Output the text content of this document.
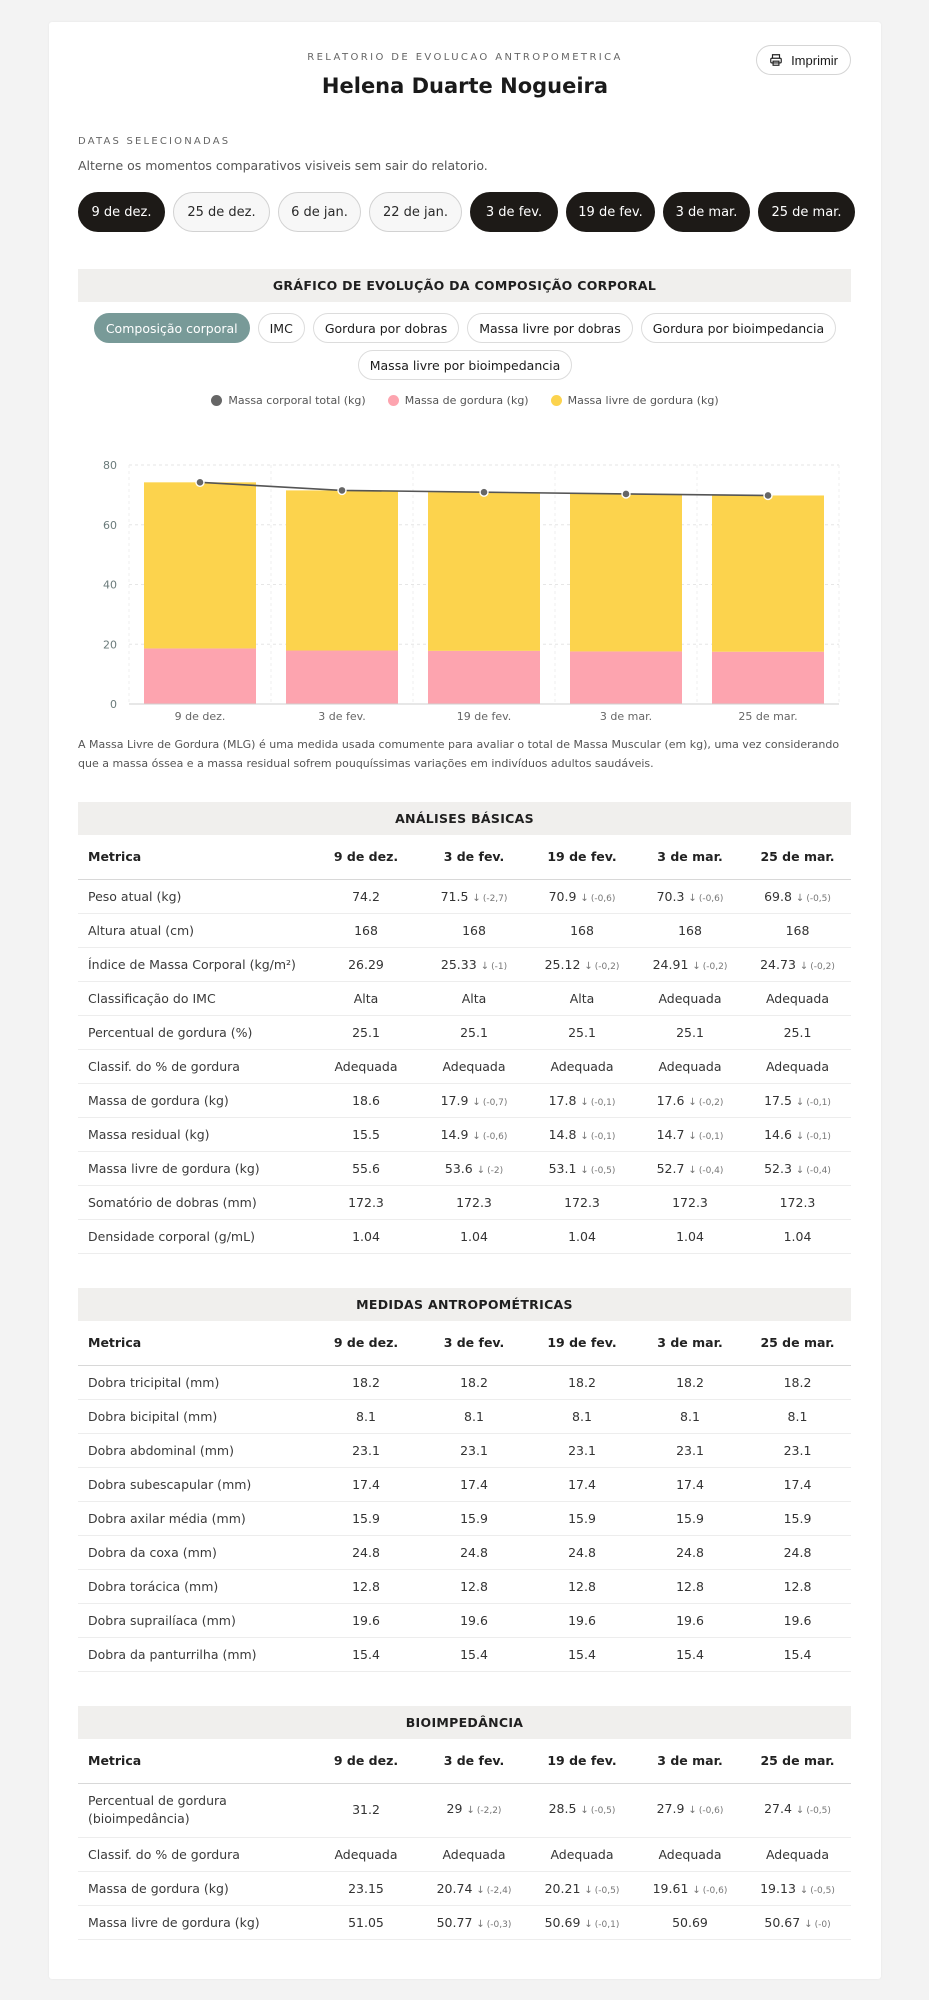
Imprimir
RELATORIO DE EVOLUCAO ANTROPOMETRICA
Helena Duarte Nogueira
DATAS SELECIONADAS
Alterne os momentos comparativos visiveis sem sair do relatorio.
9 de dez.	25 de dez.	6 de jan.	22 de jan.	3 de fev.	19 de fev.	3 de mar.	25 de mar.
GRÁFICO DE EVOLUÇÃO DA COMPOSIÇÃO CORPORAL
Composição corporal	IMC	Gordura por dobras	Massa livre por dobras	Gordura por bioimpedancia
Massa livre por bioimpedancia
Massa corporal total (kg)	Massa de gordura (kg)	Massa livre de gordura (kg)
0
20
40
60
80
9 de dez.	3 de fev.	19 de fev.	3 de mar.	25 de mar.
A Massa Livre de Gordura (MLG) é uma medida usada comumente para avaliar o total de Massa Muscular (em kg), uma vez considerando que a massa óssea e a massa residual sofrem pouquíssimas variações em indivíduos adultos saudáveis.
ANÁLISES BÁSICAS
Metrica	9 de dez.	3 de fev.	19 de fev.	3 de mar.	25 de mar.
Peso atual (kg)	74.2	71.5 ↓ (-2,7)	70.9 ↓ (-0,6)	70.3 ↓ (-0,6)	69.8 ↓ (-0,5)
Altura atual (cm)	168	168	168	168	168
Índice de Massa Corporal (kg/m²)	26.29	25.33 ↓ (-1)	25.12 ↓ (-0,2)	24.91 ↓ (-0,2)	24.73 ↓ (-0,2)
Classificação do IMC	Alta	Alta	Alta	Adequada	Adequada
Percentual de gordura (%)	25.1	25.1	25.1	25.1	25.1
Classif. do % de gordura	Adequada	Adequada	Adequada	Adequada	Adequada
Massa de gordura (kg)	18.6	17.9 ↓ (-0,7)	17.8 ↓ (-0,1)	17.6 ↓ (-0,2)	17.5 ↓ (-0,1)
Massa residual (kg)	15.5	14.9 ↓ (-0,6)	14.8 ↓ (-0,1)	14.7 ↓ (-0,1)	14.6 ↓ (-0,1)
Massa livre de gordura (kg)	55.6	53.6 ↓ (-2)	53.1 ↓ (-0,5)	52.7 ↓ (-0,4)	52.3 ↓ (-0,4)
Somatório de dobras (mm)	172.3	172.3	172.3	172.3	172.3
Densidade corporal (g/mL)	1.04	1.04	1.04	1.04	1.04
MEDIDAS ANTROPOMÉTRICAS
Metrica	9 de dez.	3 de fev.	19 de fev.	3 de mar.	25 de mar.
Dobra tricipital (mm)	18.2	18.2	18.2	18.2	18.2
Dobra bicipital (mm)	8.1	8.1	8.1	8.1	8.1
Dobra abdominal (mm)	23.1	23.1	23.1	23.1	23.1
Dobra subescapular (mm)	17.4	17.4	17.4	17.4	17.4
Dobra axilar média (mm)	15.9	15.9	15.9	15.9	15.9
Dobra da coxa (mm)	24.8	24.8	24.8	24.8	24.8
Dobra torácica (mm)	12.8	12.8	12.8	12.8	12.8
Dobra suprailíaca (mm)	19.6	19.6	19.6	19.6	19.6
Dobra da panturrilha (mm)	15.4	15.4	15.4	15.4	15.4
BIOIMPEDÂNCIA
Metrica	9 de dez.	3 de fev.	19 de fev.	3 de mar.	25 de mar.
Percentual de gordura (bioimpedância)	31.2	29 ↓ (-2,2)	28.5 ↓ (-0,5)	27.9 ↓ (-0,6)	27.4 ↓ (-0,5)
Classif. do % de gordura	Adequada	Adequada	Adequada	Adequada	Adequada
Massa de gordura (kg)	23.15	20.74 ↓ (-2,4)	20.21 ↓ (-0,5)	19.61 ↓ (-0,6)	19.13 ↓ (-0,5)
Massa livre de gordura (kg)	51.05	50.77 ↓ (-0,3)	50.69 ↓ (-0,1)	50.69	50.67 ↓ (-0)
